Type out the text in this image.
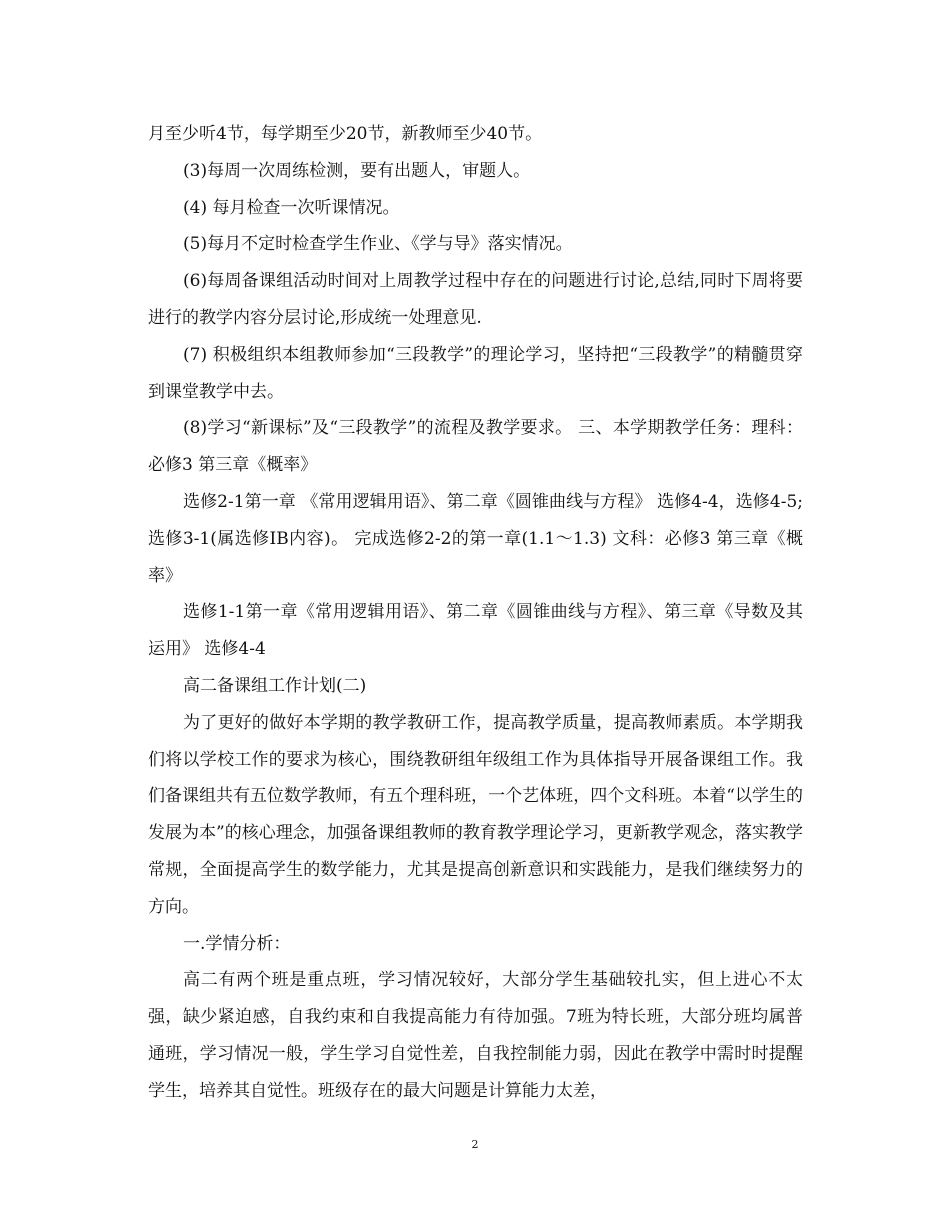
月至少听4节，每学期至少20节，新教师至少40节。

(3)每周一次周练检测，要有出题人，审题人。

(4) 每月检查一次听课情况。

(5)每月不定时检查学生作业、《学与导》落实情况。

(6)每周备课组活动时间对上周教学过程中存在的问题进行讨论,总结,同时下周将要进行的教学内容分层讨论,形成统一处理意见.

(7) 积极组织本组教师参加“三段教学”的理论学习，坚持把“三段教学”的精髓贯穿到课堂教学中去。

(8)学习“新课标”及“三段教学”的流程及教学要求。 三、本学期教学任务：理科：必修3 第三章《概率》

选修2-1第一章 《常用逻辑用语》、第二章《圆锥曲线与方程》 选修4-4，选修4-5;选修3-1(属选修IB内容)。 完成选修2-2的第一章(1.1～1.3) 文科：必修3 第三章《概率》

选修1-1第一章《常用逻辑用语》、第二章《圆锥曲线与方程》、第三章《导数及其运用》 选修4-4

高二备课组工作计划(二)

为了更好的做好本学期的教学教研工作，提高教学质量，提高教师素质。本学期我们将以学校工作的要求为核心，围绕教研组年级组工作为具体指导开展备课组工作。我们备课组共有五位数学教师，有五个理科班，一个艺体班，四个文科班。本着“以学生的发展为本”的核心理念，加强备课组教师的教育教学理论学习，更新教学观念，落实教学常规，全面提高学生的数学能力，尤其是提高创新意识和实践能力，是我们继续努力的方向。

一.学情分析：

高二有两个班是重点班，学习情况较好，大部分学生基础较扎实，但上进心不太强，缺少紧迫感，自我约束和自我提高能力有待加强。7班为特长班，大部分班均属普通班，学习情况一般，学生学习自觉性差，自我控制能力弱，因此在教学中需时时提醒学生，培养其自觉性。班级存在的最大问题是计算能力太差，

2
